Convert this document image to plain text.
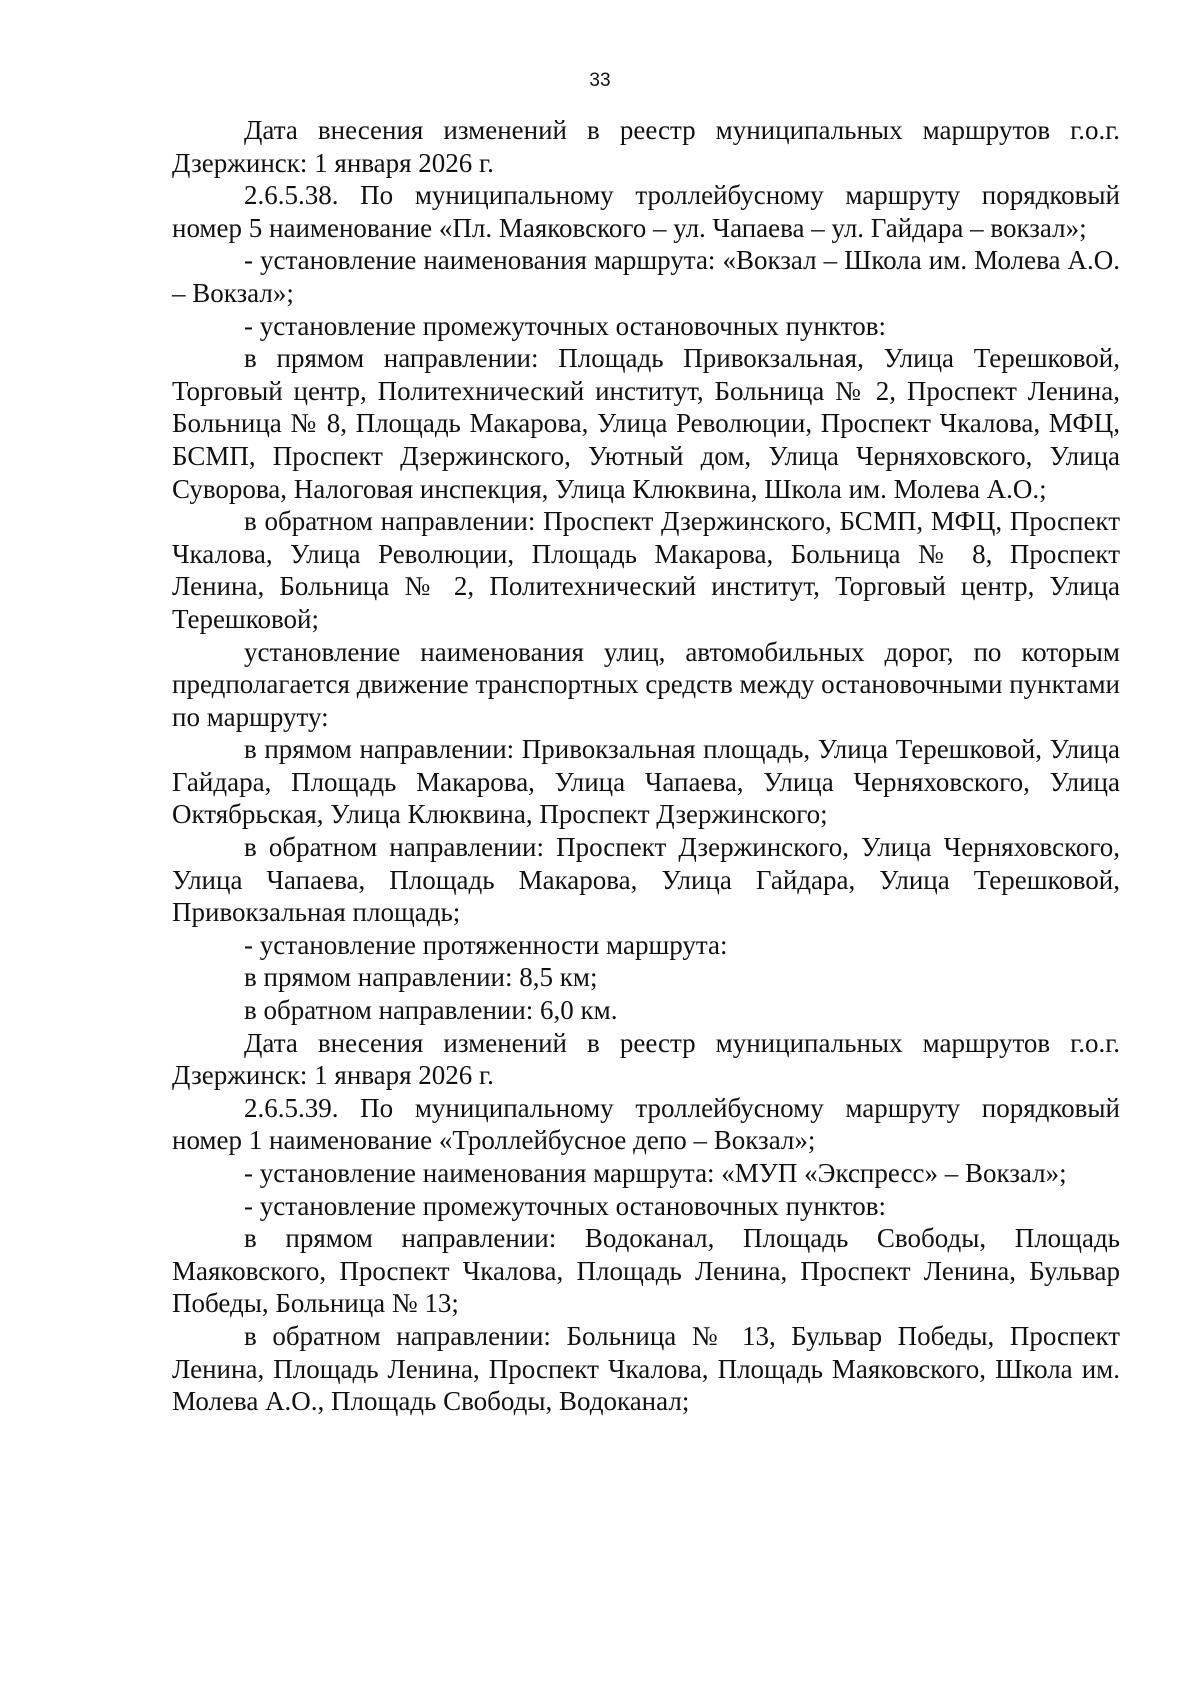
33

Дата внесения изменений в реестр муниципальных маршрутов г.о.г. Дзержинск: 1 января 2026 г.

2.6.5.38. По муниципальному троллейбусному маршруту порядковый номер 5 наименование «Пл. Маяковского – ул. Чапаева – ул. Гайдара – вокзал»;

- установление наименования маршрута: «Вокзал – Школа им. Молева А.О. – Вокзал»;

- установление промежуточных остановочных пунктов:

в прямом направлении: Площадь Привокзальная, Улица Терешковой, Торговый центр, Политехнический институт, Больница № 2, Проспект Ленина, Больница № 8, Площадь Макарова, Улица Революции, Проспект Чкалова, МФЦ, БСМП, Проспект Дзержинского, Уютный дом, Улица Черняховского, Улица Суворова, Налоговая инспекция, Улица Клюквина, Школа им. Молева А.О.;

в обратном направлении: Проспект Дзержинского, БСМП, МФЦ, Проспект Чкалова, Улица Революции, Площадь Макарова, Больница № 8, Проспект Ленина, Больница № 2, Политехнический институт, Торговый центр, Улица Терешковой;

установление наименования улиц, автомобильных дорог, по которым предполагается движение транспортных средств между остановочными пунктами по маршруту:

в прямом направлении: Привокзальная площадь, Улица Терешковой, Улица Гайдара, Площадь Макарова, Улица Чапаева, Улица Черняховского, Улица Октябрьская, Улица Клюквина, Проспект Дзержинского;

в обратном направлении: Проспект Дзержинского, Улица Черняховского, Улица Чапаева, Площадь Макарова, Улица Гайдара, Улица Терешковой, Привокзальная площадь;

- установление протяженности маршрута:

в прямом направлении: 8,5 км;

в обратном направлении: 6,0 км.

Дата внесения изменений в реестр муниципальных маршрутов г.о.г. Дзержинск: 1 января 2026 г.

2.6.5.39. По муниципальному троллейбусному маршруту порядковый номер 1 наименование «Троллейбусное депо – Вокзал»;

- установление наименования маршрута: «МУП «Экспресс» – Вокзал»;

- установление промежуточных остановочных пунктов:

в прямом направлении: Водоканал, Площадь Свободы, Площадь Маяковского, Проспект Чкалова, Площадь Ленина, Проспект Ленина, Бульвар Победы, Больница № 13;

в обратном направлении: Больница № 13, Бульвар Победы, Проспект Ленина, Площадь Ленина, Проспект Чкалова, Площадь Маяковского, Школа им. Молева А.О., Площадь Свободы, Водоканал;
